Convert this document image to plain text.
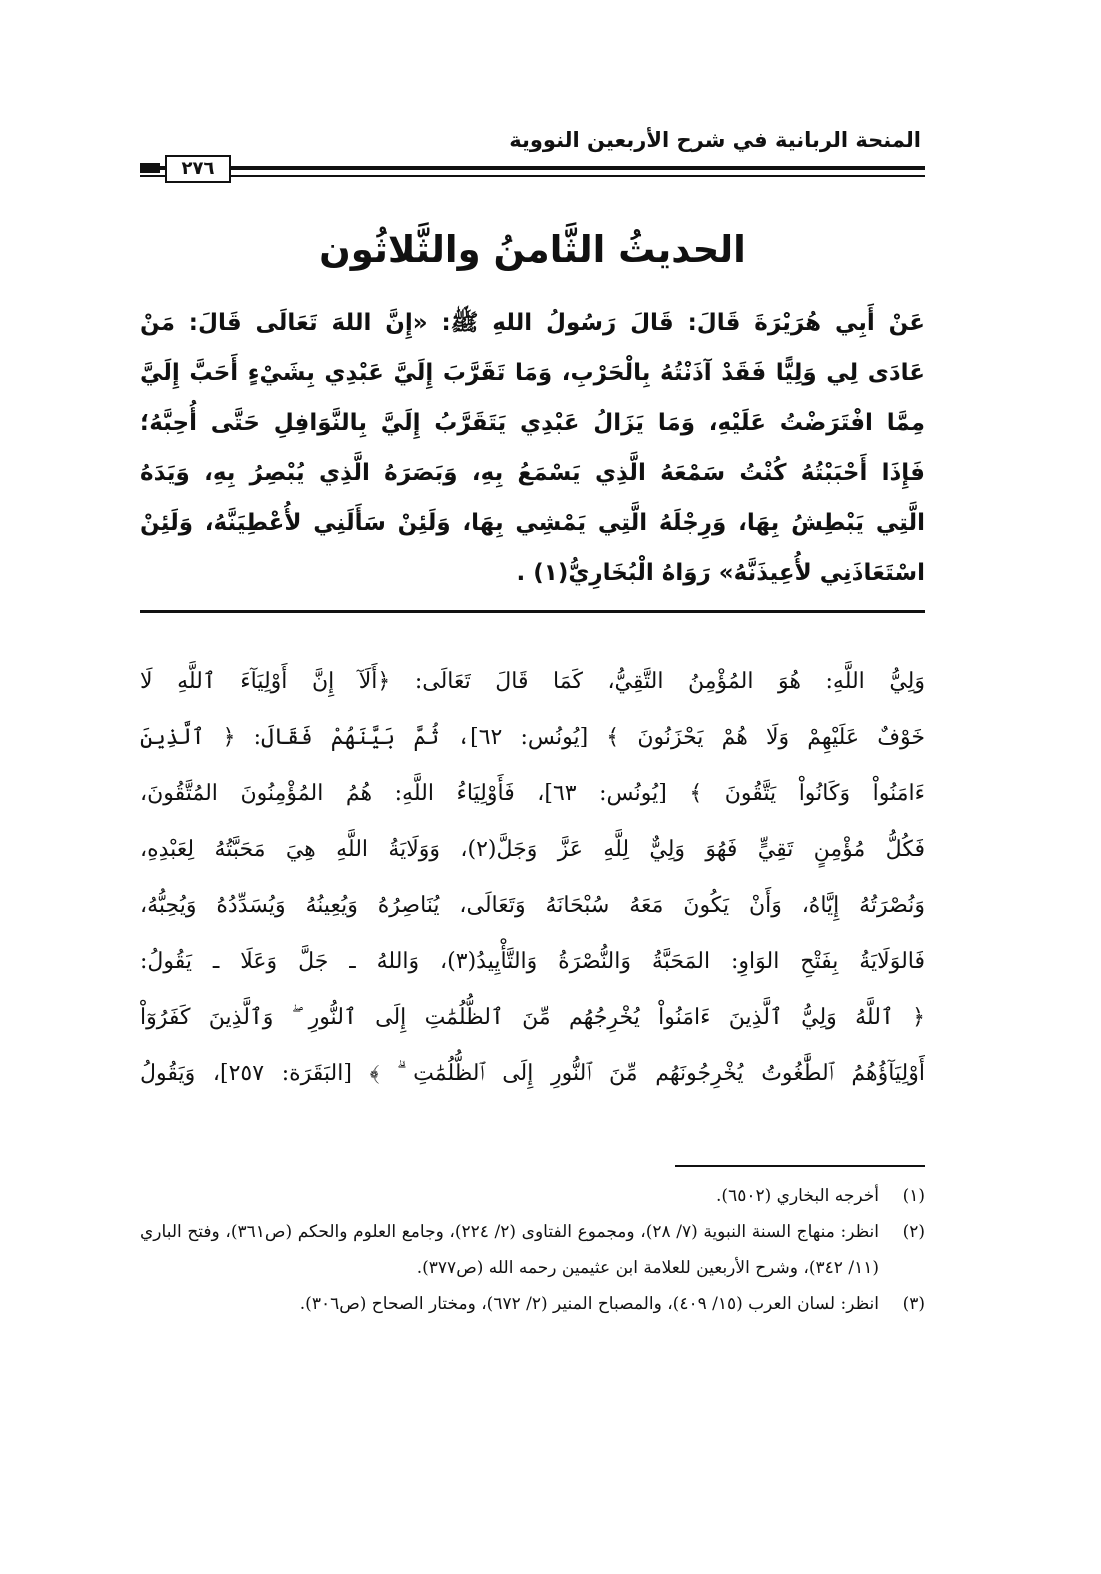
المنحة الربانية في شرح الأربعين النووية
٢٧٦
الحديثُ الثَّامنُ والثَّلاثُون
عَنْ أَبِي هُرَيْرَةَ قَالَ: قَالَ رَسُولُ اللهِ ﷺ: «إِنَّ اللهَ تَعَالَى قَالَ: مَنْ
عَادَى لِي وَلِيًّا فَقَدْ آذَنْتُهُ بِالْحَرْبِ، وَمَا تَقَرَّبَ إِلَيَّ عَبْدِي بِشَيْءٍ أَحَبَّ إِلَيَّ
مِمَّا افْتَرَضْتُ عَلَيْهِ، وَمَا يَزَالُ عَبْدِي يَتَقَرَّبُ إِلَيَّ بِالنَّوَافِلِ حَتَّى أُحِبَّهُ؛
فَإِذَا أَحْبَبْتُهُ كُنْتُ سَمْعَهُ الَّذِي يَسْمَعُ بِهِ، وَبَصَرَهُ الَّذِي يُبْصِرُ بِهِ، وَيَدَهُ
الَّتِي يَبْطِشُ بِهَا، وَرِجْلَهُ الَّتِي يَمْشِي بِهَا، وَلَئِنْ سَأَلَنِي لأُعْطِيَنَّهُ، وَلَئِنْ
اسْتَعَاذَنِي لأُعِيذَنَّهُ» رَوَاهُ الْبُخَارِيُّ(١) .
وَلِيُّ اللَّهِ: هُوَ المُؤْمِنُ التَّقِيُّ، كَمَا قَالَ تَعَالَى: ﴿أَلَآ إِنَّ أَوْلِيَآءَ ٱللَّهِ لَا
خَوْفٌ عَلَيْهِمْ وَلَا هُمْ يَحْزَنُونَ ﴾ [يُونُس: ٦٢]، ثُمَّ بَيَّنَهُمْ فَقَالَ: ﴿ ٱلَّذِينَ
ءَامَنُواْ وَكَانُواْ يَتَّقُونَ ﴾ [يُونُس: ٦٣]، فَأَوْلِيَاءُ اللَّهِ: هُمُ المُؤْمِنُونَ المُتَّقُونَ،
فَكُلُّ مُؤْمِنٍ تَقِيٍّ فَهُوَ وَلِيٌّ لِلَّهِ عَزَّ وَجَلَّ(٢)، وَوَلَايَةُ اللَّهِ هِيَ مَحَبَّتُهُ لِعَبْدِهِ،
وَنُصْرَتُهُ إِيَّاهُ، وَأَنْ يَكُونَ مَعَهُ سُبْحَانَهُ وَتَعَالَى، يُنَاصِرُهُ وَيُعِينُهُ وَيُسَدِّدُهُ وَيُحِبُّهُ،
فَالوَلَايَةُ بِفَتْحِ الوَاوِ: المَحَبَّةُ وَالنُّصْرَةُ وَالتَّأْيِيدُ(٣)، وَاللهُ ـ جَلَّ وَعَلَا ـ يَقُولُ:
﴿ ٱللَّهُ وَلِيُّ ٱلَّذِينَ ءَامَنُواْ يُخْرِجُهُم مِّنَ ٱلظُّلُمَٰتِ إِلَى ٱلنُّورِ ۖ وَٱلَّذِينَ كَفَرُوٓاْ
أَوْلِيَآؤُهُمُ ٱلطَّٰغُوتُ يُخْرِجُونَهُم مِّنَ ٱلنُّورِ إِلَى ٱلظُّلُمَٰتِ ۗ ﴾ [البَقَرَة: ٢٥٧]، وَيَقُولُ
(١)
أخرجه البخاري (٦٥٠٢).
(٢)
انظر: منهاج السنة النبوية (٧/ ٢٨)، ومجموع الفتاوى (٢/ ٢٢٤)، وجامع العلوم والحكم (ص٣٦١)، وفتح الباري (١١/ ٣٤٢)، وشرح الأربعين للعلامة ابن عثيمين رحمه الله (ص٣٧٧).
(٣)
انظر: لسان العرب (١٥/ ٤٠٩)، والمصباح المنير (٢/ ٦٧٢)، ومختار الصحاح (ص٣٠٦).
